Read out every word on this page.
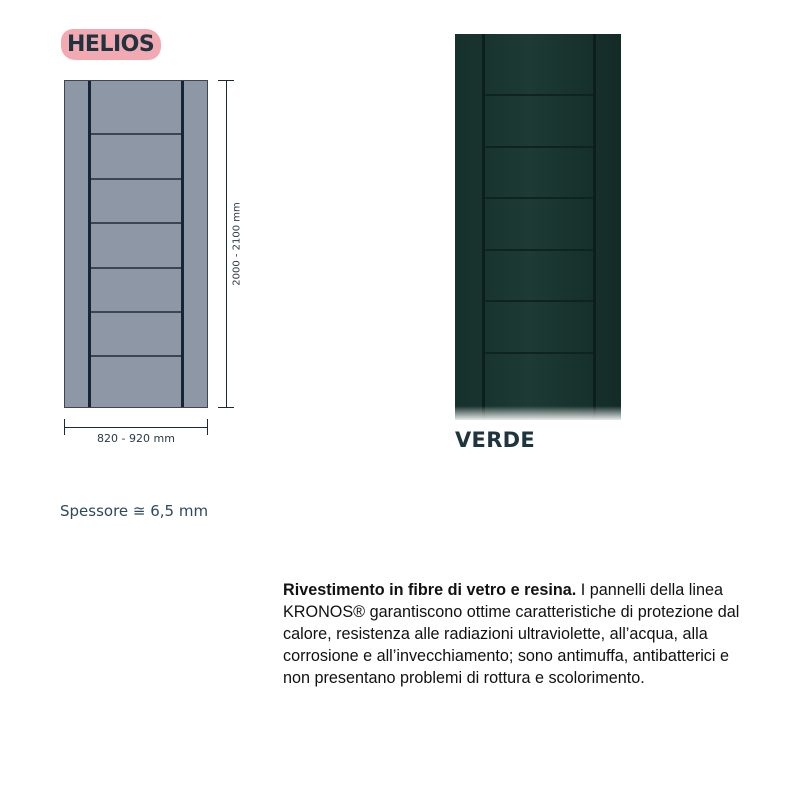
HELIOS
2000 - 2100 mm
820 - 920 mm
Spessore ≅ 6,5 mm
VERDE
Rivestimento in fibre di vetro e resina. I pannelli della linea KRONOS® garantiscono ottime caratteristiche di protezione dal calore, resistenza alle radiazioni ultraviolette, all’acqua, alla corrosione e all’invecchiamento; sono antimuffa, antibatterici e non presentano problemi di rottura e scolorimento.
